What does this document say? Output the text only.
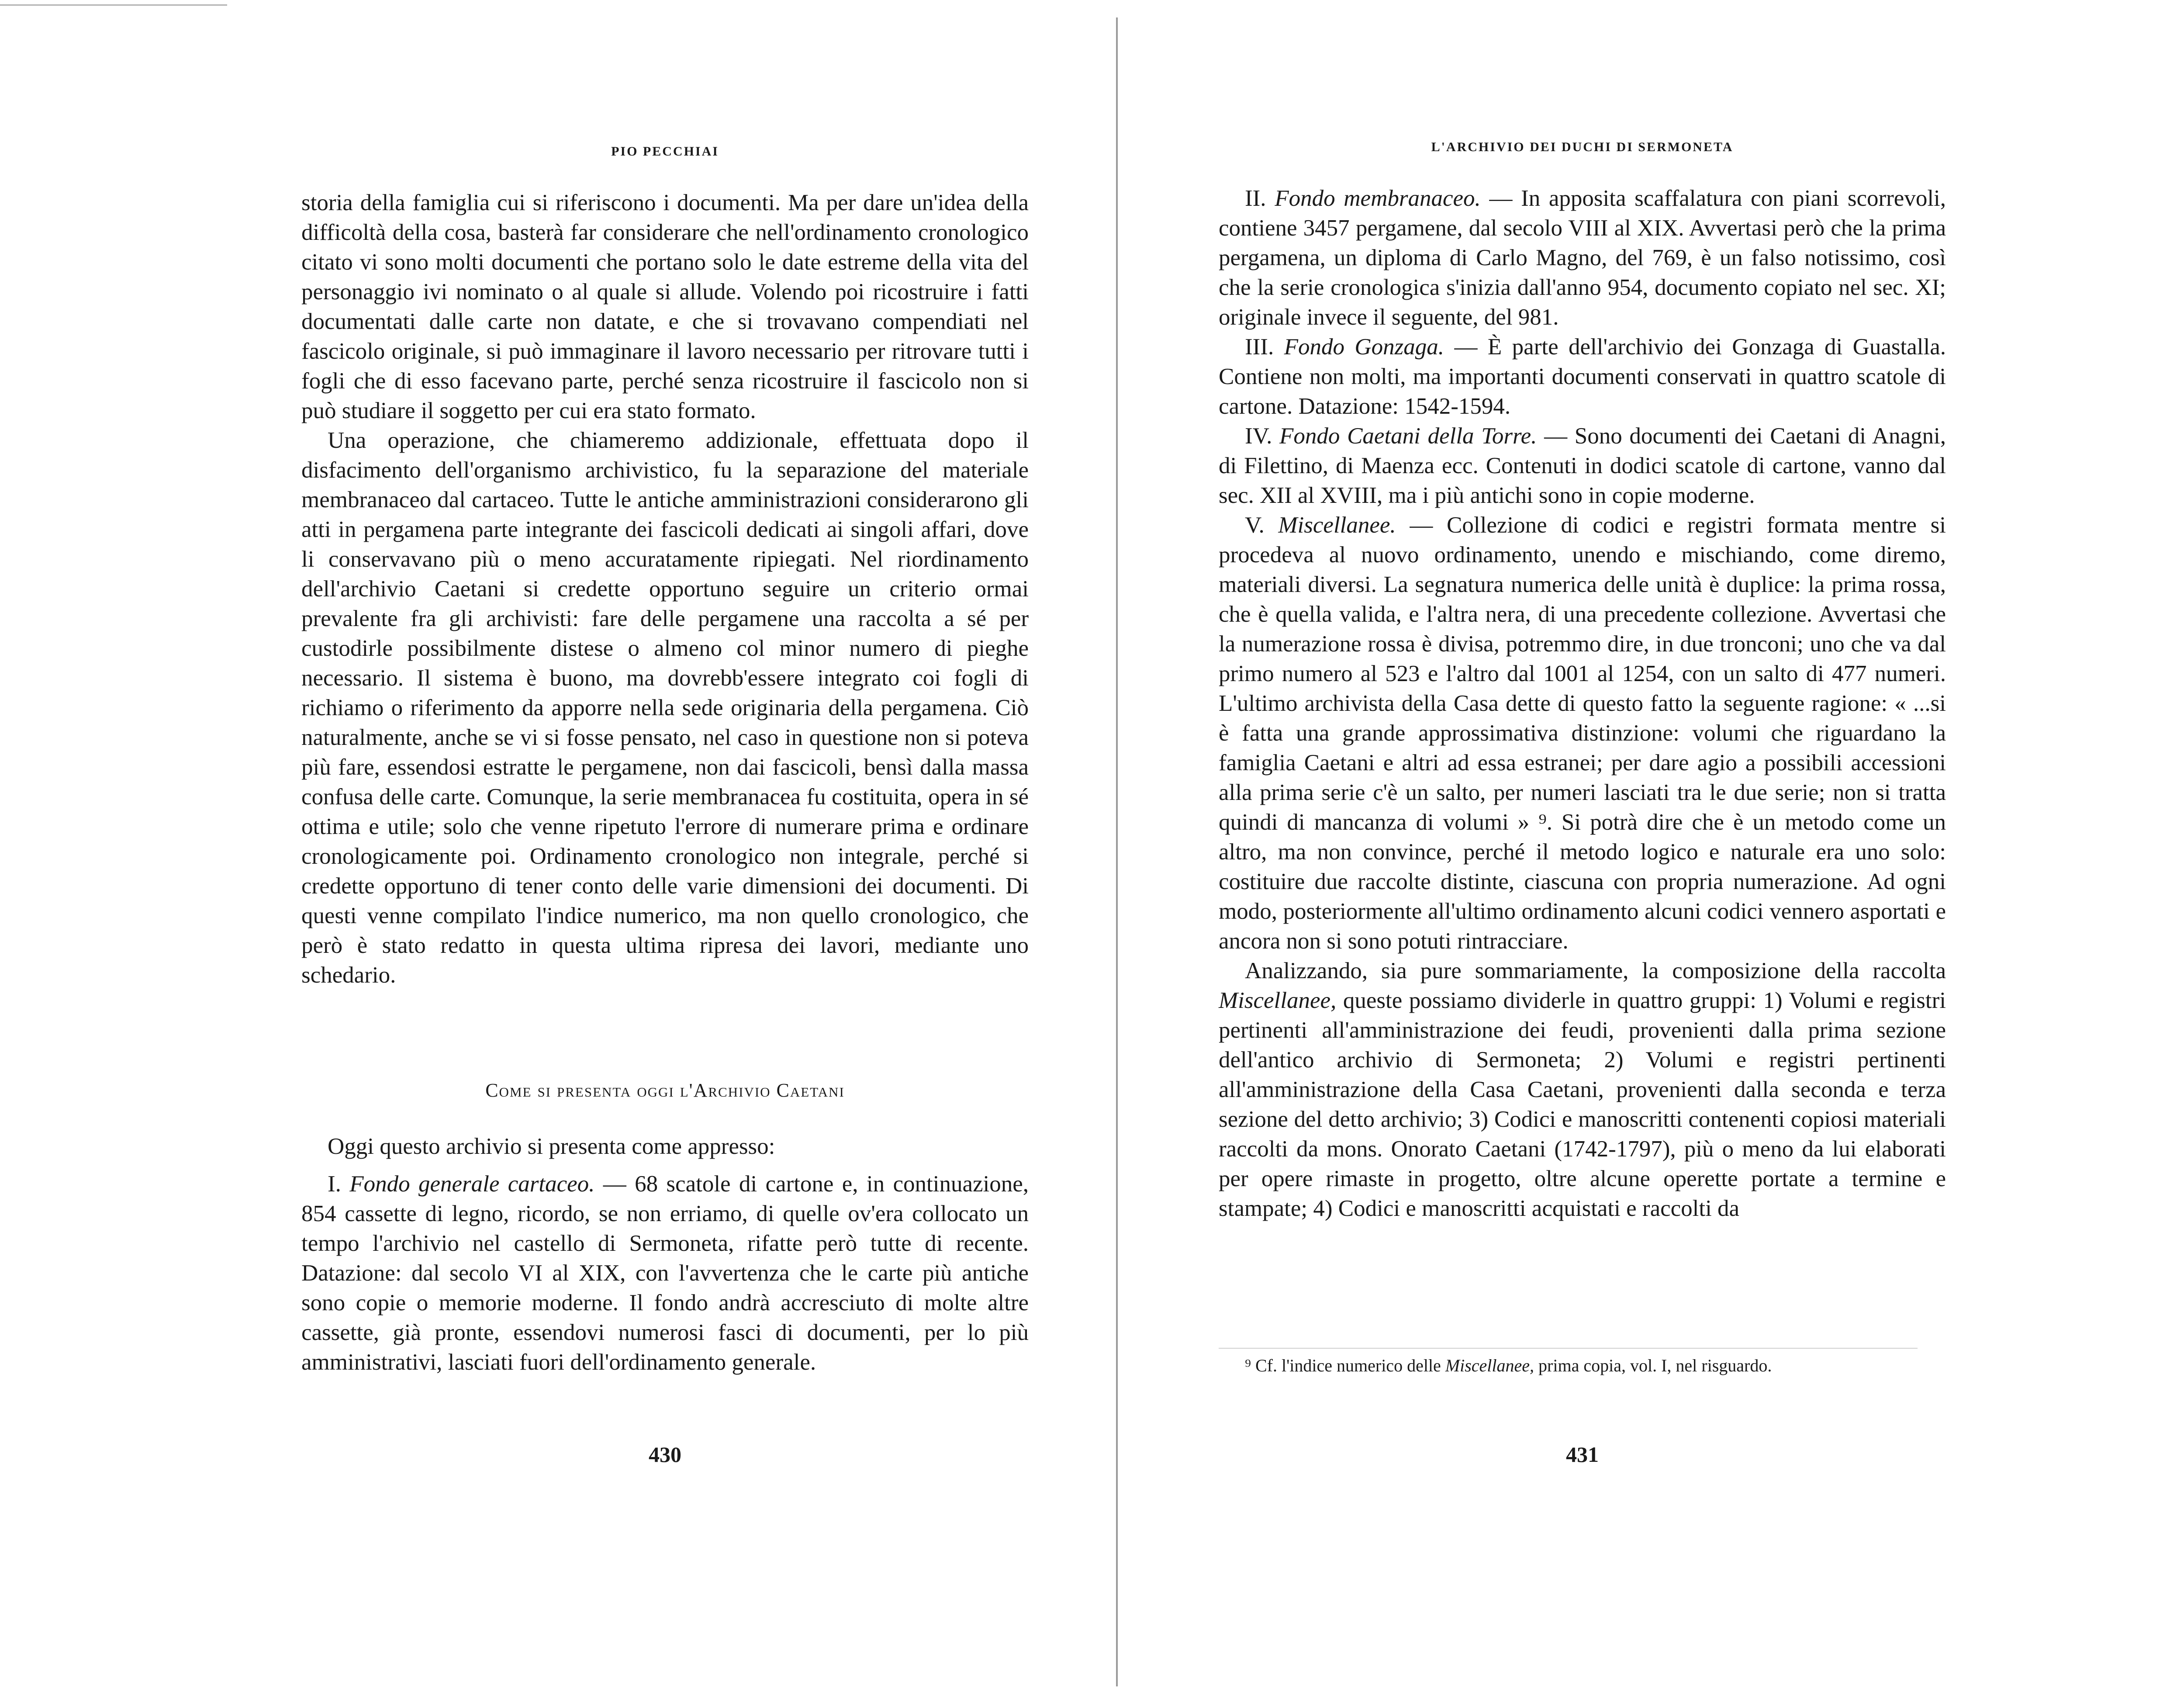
PIO PECCHIAI

storia della famiglia cui si riferiscono i documenti. Ma per dare un'idea della difficoltà della cosa, basterà far considerare che nell'ordinamento cronologico citato vi sono molti documenti che portano solo le date estreme della vita del personaggio ivi nominato o al quale si allude. Volendo poi ricostruire i fatti documentati dalle carte non datate, e che si trovavano compendiati nel fascicolo originale, si può immaginare il lavoro necessario per ritrovare tutti i fogli che di esso facevano parte, perché senza ricostruire il fascicolo non si può studiare il soggetto per cui era stato formato.

Una operazione, che chiameremo addizionale, effettuata dopo il disfacimento dell'organismo archivistico, fu la separazione del materiale membranaceo dal cartaceo. Tutte le antiche amministrazioni considerarono gli atti in pergamena parte integrante dei fascicoli dedicati ai singoli affari, dove li conservavano più o meno accuratamente ripiegati. Nel riordinamento dell'archivio Caetani si credette opportuno seguire un criterio ormai prevalente fra gli archivisti: fare delle pergamene una raccolta a sé per custodirle possibilmente distese o almeno col minor numero di pieghe necessario. Il sistema è buono, ma dovrebb'essere integrato coi fogli di richiamo o riferimento da apporre nella sede originaria della pergamena. Ciò naturalmente, anche se vi si fosse pensato, nel caso in questione non si poteva più fare, essendosi estratte le pergamene, non dai fascicoli, bensì dalla massa confusa delle carte. Comunque, la serie membranacea fu costituita, opera in sé ottima e utile; solo che venne ripetuto l'errore di numerare prima e ordinare cronologicamente poi. Ordinamento cronologico non integrale, perché si credette opportuno di tener conto delle varie dimensioni dei documenti. Di questi venne compilato l'indice numerico, ma non quello cronologico, che però è stato redatto in questa ultima ripresa dei lavori, mediante uno schedario.

Come si presenta oggi l'Archivio Caetani

Oggi questo archivio si presenta come appresso:

I. Fondo generale cartaceo. — 68 scatole di cartone e, in continuazione, 854 cassette di legno, ricordo, se non erriamo, di quelle ov'era collocato un tempo l'archivio nel castello di Sermoneta, rifatte però tutte di recente. Datazione: dal secolo VI al XIX, con l'avvertenza che le carte più antiche sono copie o memorie moderne. Il fondo andrà accresciuto di molte altre cassette, già pronte, essendovi numerosi fasci di documenti, per lo più amministrativi, lasciati fuori dell'ordinamento generale.

430
L'ARCHIVIO DEI DUCHI DI SERMONETA

II. Fondo membranaceo. — In apposita scaffalatura con piani scorrevoli, contiene 3457 pergamene, dal secolo VIII al XIX. Avvertasi però che la prima pergamena, un diploma di Carlo Magno, del 769, è un falso notissimo, così che la serie cronologica s'inizia dall'anno 954, documento copiato nel sec. XI; originale invece il seguente, del 981.

III. Fondo Gonzaga. — È parte dell'archivio dei Gonzaga di Guastalla. Contiene non molti, ma importanti documenti conservati in quattro scatole di cartone. Datazione: 1542-1594.

IV. Fondo Caetani della Torre. — Sono documenti dei Caetani di Anagni, di Filettino, di Maenza ecc. Contenuti in dodici scatole di cartone, vanno dal sec. XII al XVIII, ma i più antichi sono in copie moderne.

V. Miscellanee. — Collezione di codici e registri formata mentre si procedeva al nuovo ordinamento, unendo e mischiando, come diremo, materiali diversi. La segnatura numerica delle unità è duplice: la prima rossa, che è quella valida, e l'altra nera, di una precedente collezione. Avvertasi che la numerazione rossa è divisa, potremmo dire, in due tronconi; uno che va dal primo numero al 523 e l'altro dal 1001 al 1254, con un salto di 477 numeri. L'ultimo archivista della Casa dette di questo fatto la seguente ragione: « ...si è fatta una grande approssimativa distinzione: volumi che riguardano la famiglia Caetani e altri ad essa estranei; per dare agio a possibili accessioni alla prima serie c'è un salto, per numeri lasciati tra le due serie; non si tratta quindi di mancanza di volumi » ⁹. Si potrà dire che è un metodo come un altro, ma non convince, perché il metodo logico e naturale era uno solo: costituire due raccolte distinte, ciascuna con propria numerazione. Ad ogni modo, posteriormente all'ultimo ordinamento alcuni codici vennero asportati e ancora non si sono potuti rintracciare.

Analizzando, sia pure sommariamente, la composizione della raccolta Miscellanee, queste possiamo dividerle in quattro gruppi: 1) Volumi e registri pertinenti all'amministrazione dei feudi, provenienti dalla prima sezione dell'antico archivio di Sermoneta; 2) Volumi e registri pertinenti all'amministrazione della Casa Caetani, provenienti dalla seconda e terza sezione del detto archivio; 3) Codici e manoscritti contenenti copiosi materiali raccolti da mons. Onorato Caetani (1742-1797), più o meno da lui elaborati per opere rimaste in progetto, oltre alcune operette portate a termine e stampate; 4) Codici e manoscritti acquistati e raccolti da

⁹ Cf. l'indice numerico delle Miscellanee, prima copia, vol. I, nel risguardo.
431
